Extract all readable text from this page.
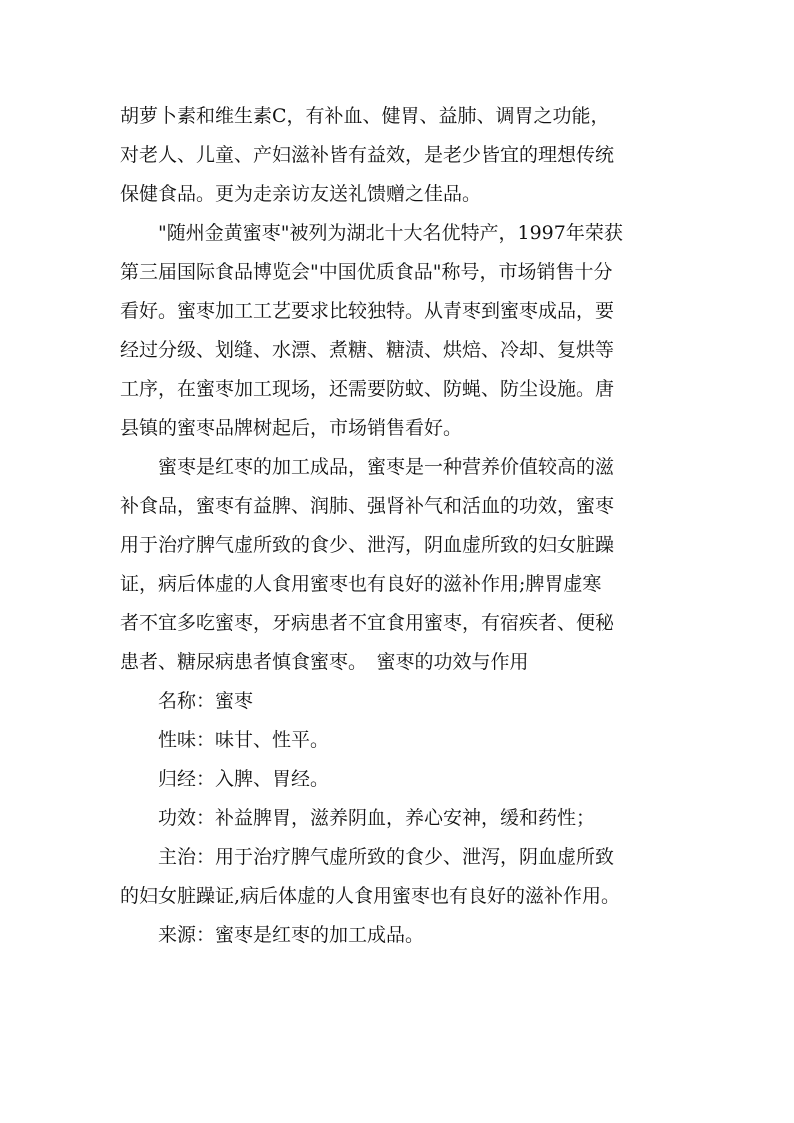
胡萝卜素和维生素C，有补血、健胃、益肺、调胃之功能，
对老人、儿童、产妇滋补皆有益效，是老少皆宜的理想传统
保健食品。更为走亲访友送礼馈赠之佳品。
"随州金黄蜜枣"被列为湖北十大名优特产，1997年荣获
第三届国际食品博览会"中国优质食品"称号，市场销售十分
看好。蜜枣加工工艺要求比较独特。从青枣到蜜枣成品，要
经过分级、划缝、水漂、煮糖、糖渍、烘焙、冷却、复烘等
工序，在蜜枣加工现场，还需要防蚊、防蝇、防尘设施。唐
县镇的蜜枣品牌树起后，市场销售看好。
蜜枣是红枣的加工成品，蜜枣是一种营养价值较高的滋
补食品，蜜枣有益脾、润肺、强肾补气和活血的功效，蜜枣
用于治疗脾气虚所致的食少、泄泻，阴血虚所致的妇女脏躁
证，病后体虚的人食用蜜枣也有良好的滋补作用;脾胃虚寒
者不宜多吃蜜枣，牙病患者不宜食用蜜枣，有宿疾者、便秘
患者、糖尿病患者慎食蜜枣。　蜜枣的功效与作用
名称：蜜枣
性味：味甘、性平。
归经：入脾、胃经。
功效：补益脾胃，滋养阴血，养心安神，缓和药性；
主治：用于治疗脾气虚所致的食少、泄泻，阴血虚所致
的妇女脏躁证,病后体虚的人食用蜜枣也有良好的滋补作用。
来源：蜜枣是红枣的加工成品。
